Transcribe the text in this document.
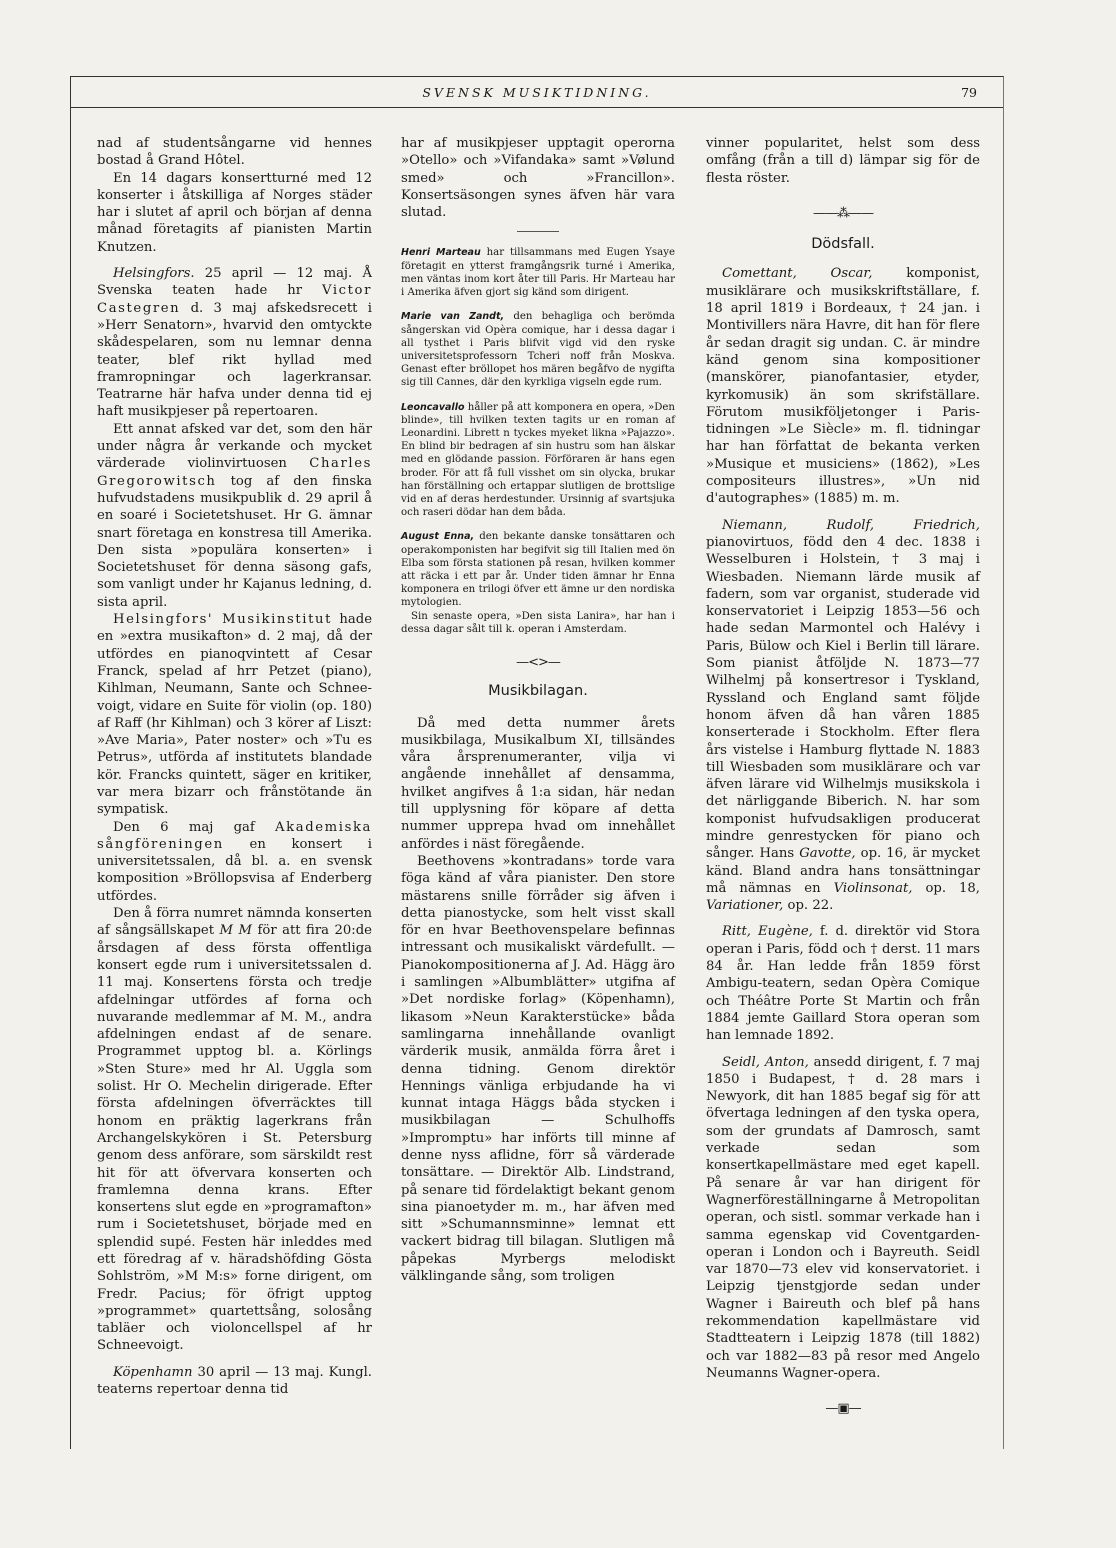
SVENSK MUSIKTIDNING.	79

nad af studentsångarne vid hennes bostad å Grand Hôtel.

En 14 dagars konsertturné med 12 konserter i åtskilliga af Norges städer har i slutet af april och början af denna månad företagits af pianisten Martin Knutzen.

Helsingfors. 25 april — 12 maj. Å Svenska teaten hade hr Victor Castegren d. 3 maj afskedsrecett i »Herr Senatorn», hvarvid den omtyckte skådespelaren, som nu lemnar denna teater, blef rikt hyllad med framropningar och lagerkransar. Teatrarne här hafva under denna tid ej haft musikpjeser på repertoaren.

Ett annat afsked var det, som den här under några år verkande och mycket värderade violinvirtuosen Charles Gregorowitsch tog af den finska hufvudstadens musikpublik d. 29 april å en soaré i Societetshuset. Hr G. ämnar snart företaga en konstresa till Amerika. Den sista »populära konserten» i Societetshuset för denna säsong gafs, som vanligt under hr Kajanus ledning, d. sista april.

Helsingfors' Musikinstitut hade en »extra musikafton» d. 2 maj, då der utfördes en pianoqvintett af Cesar Franck, spelad af hrr Petzet (piano), Kihlman, Neumann, Sante och Schneevoigt, vidare en Suite för violin (op. 180) af Raff (hr Kihlman) och 3 körer af Liszt: »Ave Maria», Pater noster» och »Tu es Petrus», utförda af institutets blandade kör. Francks quintett, säger en kritiker, var mera bizarr och frånstötande än sympatisk.

Den 6 maj gaf Akademiska sångföreningen en konsert i universitetssalen, då bl. a. en svensk komposition »Bröllopsvisa af Enderberg utfördes.

Den å förra numret nämnda konserten af sångsällskapet M M för att fira 20:de årsdagen af dess första offentliga konsert egde rum i universitetssalen d. 11 maj. Konsertens första och tredje afdelningar utfördes af forna och nuvarande medlemmar af M. M., andra afdelningen endast af de senare. Programmet upptog bl. a. Körlings »Sten Sture» med hr Al. Uggla som solist. Hr O. Mechelin dirigerade. Efter första afdelningen öfverräcktes till honom en präktig lagerkrans från Archangelskykören i St. Petersburg genom dess anförare, som särskildt rest hit för att öfvervara konserten och framlemna denna krans. Efter konsertens slut egde en »programafton» rum i Societetshuset, började med en splendid supé. Festen här inleddes med ett föredrag af v. häradshöfding Gösta Sohlström, »M M:s» forne dirigent, om Fredr. Pacius; för öfrigt upptog »programmet» quartettsång, solosång tabläer och violoncellspel af hr Schneevoigt.

Köpenhamn 30 april — 13 maj. Kungl. teaterns repertoar denna tid

har af musikpjeser upptagit operorna »Otello» och »Vifandaka» samt »Vølund smed» och »Francillon». Konsertsäsongen synes äfven här vara slutad.

Henri Marteau har tillsammans med Eugen Ysaye företagit en ytterst framgångsrik turné i Amerika, men väntas inom kort åter till Paris. Hr Marteau har i Amerika äfven gjort sig känd som dirigent.

Marie van Zandt, den behagliga och berömda sångerskan vid Opèra comique, har i dessa dagar i all tysthet i Paris blifvit vigd vid den ryske universitetsprofessorn Tcheri noff från Moskva. Genast efter bröllopet hos mären begåfvo de nygifta sig till Cannes, där den kyrkliga vigseln egde rum.

Leoncavallo håller på att komponera en opera, »Den blinde», till hvilken texten tagits ur en roman af Leonardini. Librett n tyckes myeket likna »Pajazzo». En blind bir bedragen af sin hustru som han älskar med en glödande passion. Förföraren är hans egen broder. För att få full visshet om sin olycka, brukar han förställning och ertappar slutligen de brottslige vid en af deras herdestunder. Ursinnig af svartsjuka och raseri dödar han dem båda.

August Enna, den bekante danske tonsättaren och operakomponisten har begifvit sig till Italien med ön Elba som första stationen på resan, hvilken kommer att räcka i ett par år. Under tiden ämnar hr Enna komponera en trilogi öfver ett ämne ur den nordiska mytologien.

Sin senaste opera, »Den sista Lanira», har han i dessa dagar sålt till k. operan i Amsterdam.

—<>—
Musikbilagan.

Då med detta nummer årets musikbilaga, Musikalbum XI, tillsändes våra årsprenumeranter, vilja vi angående innehållet af densamma, hvilket angifves å 1:a sidan, här nedan till upplysning för köpare af detta nummer upprepa hvad om innehållet anfördes i näst föregående.

Beethovens »kontradans» torde vara föga känd af våra pianister. Den store mästarens snille förråder sig äfven i detta pianostycke, som helt visst skall för en hvar Beethovenspelare befinnas intressant och musikaliskt värdefullt. — Pianokompositionerna af J. Ad. Hägg äro i samlingen »Albumblätter» utgifna af »Det nordiske forlag» (Köpenhamn), likasom »Neun Karakterstücke» båda samlingarna innehållande ovanligt värderik musik, anmälda förra året i denna tidning. Genom direktör Hennings vänliga erbjudande ha vi kunnat intaga Häggs båda stycken i musikbilagan — Schulhoffs »Impromptu» har införts till minne af denne nyss aflidne, förr så värderade tonsättare. — Direktör Alb. Lindstrand, på senare tid fördelaktigt bekant genom sina pianoetyder m. m., har äfven med sitt »Schumannsminne» lemnat ett vackert bidrag till bilagan. Slutligen må påpekas Myrbergs melodiskt välklingande sång, som troligen

vinner popularitet, helst som dess omfång (från a till d) lämpar sig för de flesta röster.

——⁂——
Dödsfall.

Comettant, Oscar, komponist, musiklärare och musikskriftställare, f. 18 april 1819 i Bordeaux, † 24 jan. i Montivillers nära Havre, dit han för flere år sedan dragit sig undan. C. är mindre känd genom sina kompositioner (manskörer, pianofantasier, etyder, kyrkomusik) än som skrifställare. Förutom musikföljetonger i Paris-tidningen »Le Siècle» m. fl. tidningar har han författat de bekanta verken »Musique et musiciens» (1862), »Les compositeurs illustres», »Un nid d'autographes» (1885) m. m.

Niemann, Rudolf, Friedrich, pianovirtuos, född den 4 dec. 1838 i Wesselburen i Holstein, † 3 maj i Wiesbaden. Niemann lärde musik af fadern, som var organist, studerade vid konservatoriet i Leipzig 1853—56 och hade sedan Marmontel och Halévy i Paris, Bülow och Kiel i Berlin till lärare. Som pianist åtföljde N. 1873—77 Wilhelmj på konsertresor i Tyskland, Ryssland och England samt följde honom äfven då han våren 1885 konserterade i Stockholm. Efter flera års vistelse i Hamburg flyttade N. 1883 till Wiesbaden som musiklärare och var äfven lärare vid Wilhelmjs musikskola i det närliggande Biberich. N. har som komponist hufvudsakligen producerat mindre genrestycken för piano och sånger. Hans Gavotte, op. 16, är mycket känd. Bland andra hans tonsättningar må nämnas en Violinsonat, op. 18, Variationer, op. 22.

Ritt, Eugène, f. d. direktör vid Stora operan i Paris, född och † derst. 11 mars 84 år. Han ledde från 1859 först Ambigu-teatern, sedan Opèra Comique och Théâtre Porte St Martin och från 1884 jemte Gaillard Stora operan som han lemnade 1892.

Seidl, Anton, ansedd dirigent, f. 7 maj 1850 i Budapest, † d. 28 mars i Newyork, dit han 1885 begaf sig för att öfvertaga ledningen af den tyska opera, som der grundats af Damrosch, samt verkade sedan som konsertkapellmästare med eget kapell. På senare år var han dirigent för Wagnerföreställningarne å Metropolitan operan, och sistl. sommar verkade han i samma egenskap vid Coventgarden-operan i London och i Bayreuth. Seidl var 1870—73 elev vid konservatoriet. i Leipzig tjenstgjorde sedan under Wagner i Baireuth och blef på hans rekommendation kapellmästare vid Stadtteatern i Leipzig 1878 (till 1882) och var 1882—83 på resor med Angelo Neumanns Wagner-opera.

—▣—
